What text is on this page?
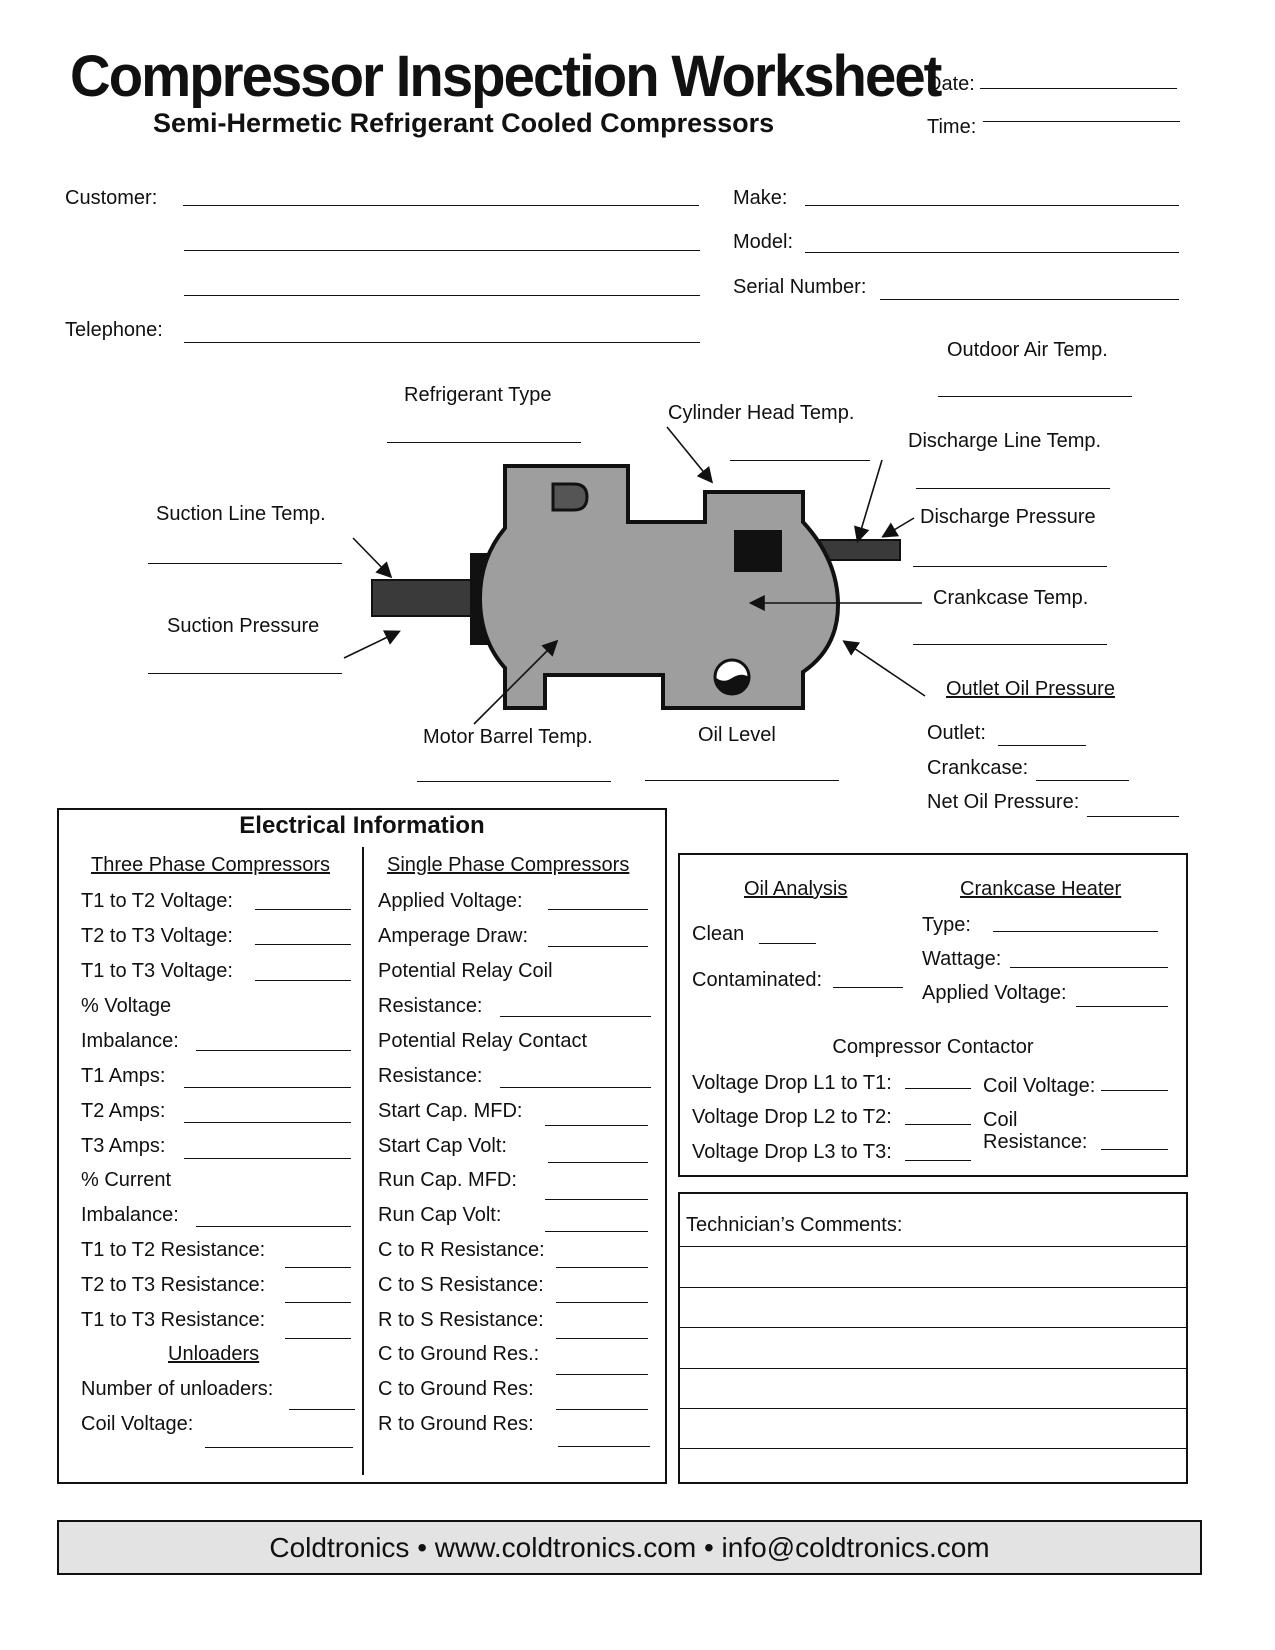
Compressor Inspection Worksheet
Semi-Hermetic Refrigerant Cooled Compressors
Date:
Time:
Customer:
Telephone:
Make:
Model:
Serial Number:
Outdoor Air Temp.
Refrigerant Type
Cylinder Head Temp.
Discharge Line Temp.
Suction Line Temp.	Discharge Pressure
Crankcase Temp.
Suction Pressure
Outlet Oil Pressure
Outlet:
Crankcase:
Net Oil Pressure:
Motor Barrel Temp.	Oil Level
Electrical Information
Three Phase Compressors	Single Phase Compressors
T1 to T2 Voltage:
T2 to T3 Voltage:
T1 to T3 Voltage:
% Voltage
Imbalance:
T1 Amps:
T2 Amps:
T3 Amps:
% Current
Imbalance:
T1 to T2 Resistance:
T2 to T3 Resistance:
T1 to T3 Resistance:
Unloaders
Number of unloaders:
Coil Voltage:
Applied Voltage:
Amperage Draw:
Potential Relay Coil
Resistance:
Potential Relay Contact
Resistance:
Start Cap. MFD:
Start Cap Volt:
Run Cap. MFD:
Run Cap Volt:
C to R Resistance:
C to S Resistance:
R to S Resistance:
C to Ground Res.:
C to Ground Res:
R to Ground Res:
Oil Analysis	Crankcase Heater
Clean
Contaminated:
Type:
Wattage:
Applied Voltage:
Compressor Contactor
Voltage Drop L1 to T1:
Voltage Drop L2 to T2:
Voltage Drop L3 to T3:
Coil Voltage:
Coil
Resistance:
Technician’s Comments:
Coldtronics • www.coldtronics.com • info@coldtronics.com
